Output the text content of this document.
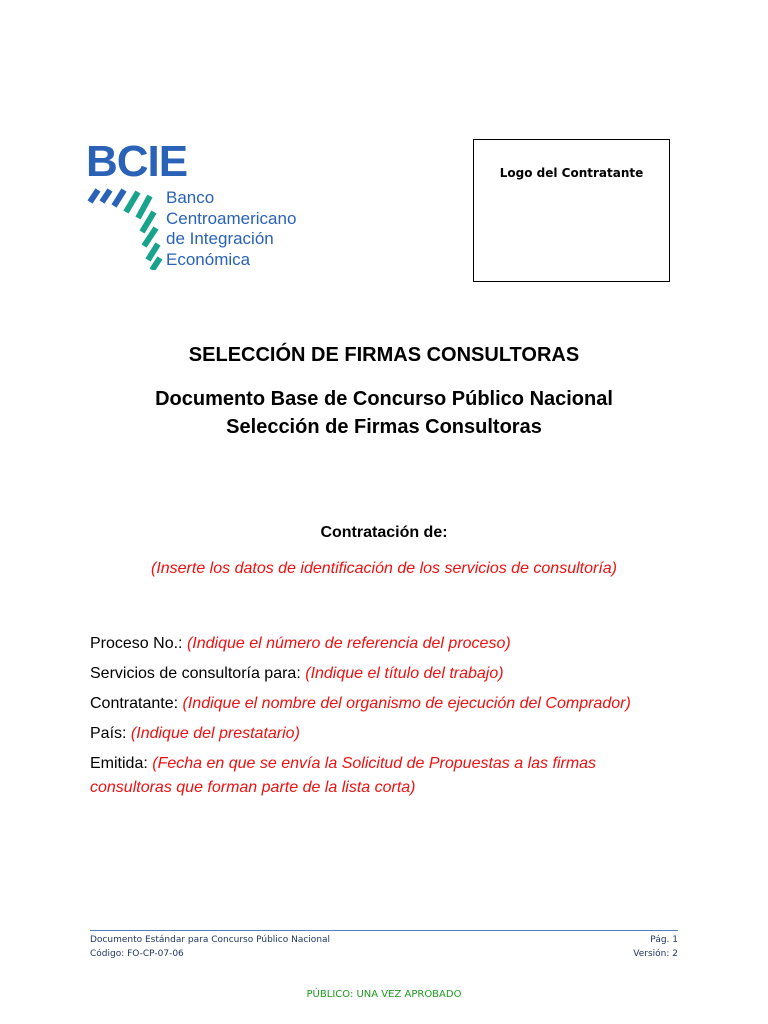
BCIE
Banco
Centroamericano
de Integración
Económica
Logo del Contratante
SELECCIÓN DE FIRMAS CONSULTORAS
Documento Base de Concurso Público Nacional
Selección de Firmas Consultoras
Contratación de:
(Inserte los datos de identificación de los servicios de consultoría)
Proceso No.: (Indique el número de referencia del proceso)
Servicios de consultoría para: (Indique el título del trabajo)
Contratante: (Indique el nombre del organismo de ejecución del Comprador)
País: (Indique del prestatario)
Emitida: (Fecha en que se envía la Solicitud de Propuestas a las firmas consultoras que forman parte de la lista corta)
Documento Estándar para Concurso Público Nacional	Pág. 1
Código: FO-CP-07-06	Versión: 2
PÚBLICO: UNA VEZ APROBADO
